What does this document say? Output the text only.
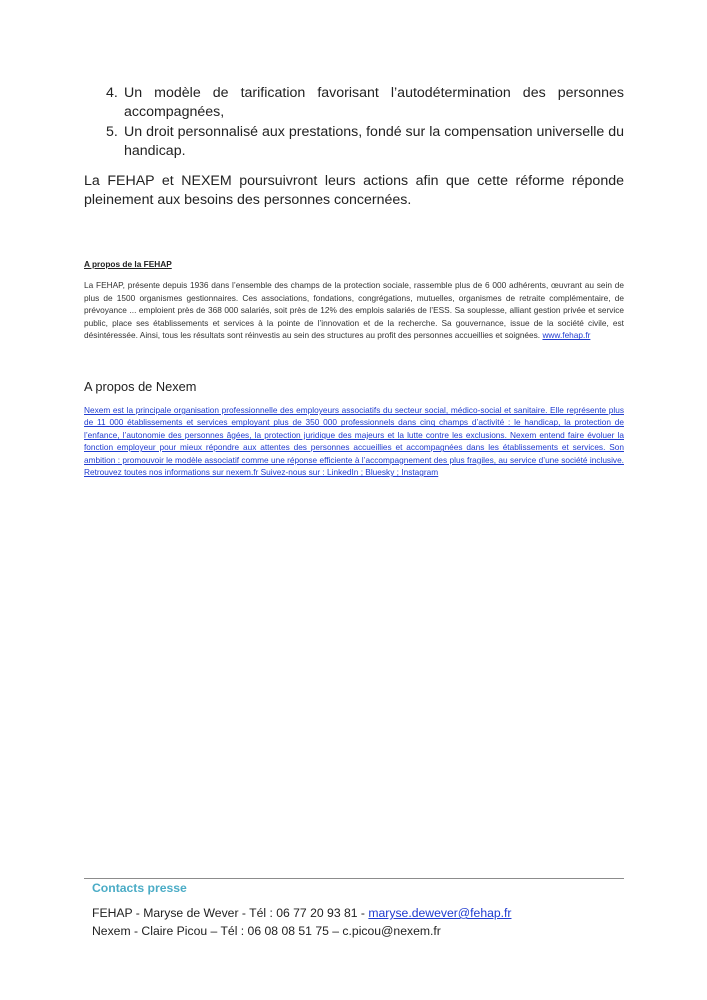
4. Un modèle de tarification favorisant l’autodétermination des personnes accompagnées,
5. Un droit personnalisé aux prestations, fondé sur la compensation universelle du handicap.
La FEHAP et NEXEM poursuivront leurs actions afin que cette réforme réponde pleinement aux besoins des personnes concernées.
A propos de la FEHAP
La FEHAP, présente depuis 1936 dans l’ensemble des champs de la protection sociale, rassemble plus de 6 000 adhérents, œuvrant au sein de plus de 1500 organismes gestionnaires. Ces associations, fondations, congrégations, mutuelles, organismes de retraite complémentaire, de prévoyance ... emploient près de 368 000 salariés, soit près de 12% des emplois salariés de l’ESS. Sa souplesse, alliant gestion privée et service public, place ses établissements et services à la pointe de l’innovation et de la recherche. Sa gouvernance, issue de la société civile, est désintéressée. Ainsi, tous les résultats sont réinvestis au sein des structures au profit des personnes accueillies et soignées. www.fehap.fr
A propos de Nexem
Nexem est la principale organisation professionnelle des employeurs associatifs du secteur social, médico-social et sanitaire. Elle représente plus de 11 000 établissements et services employant plus de 350 000 professionnels dans cinq champs d’activité : le handicap, la protection de l’enfance, l’autonomie des personnes âgées, la protection juridique des majeurs et la lutte contre les exclusions. Nexem entend faire évoluer la fonction employeur pour mieux répondre aux attentes des personnes accueillies et accompagnées dans les établissements et services. Son ambition : promouvoir le modèle associatif comme une réponse efficiente à l’accompagnement des plus fragiles, au service d’une société inclusive. Retrouvez toutes nos informations sur nexem.fr Suivez-nous sur : LinkedIn ; Bluesky ; Instagram
Contacts presse
FEHAP - Maryse de Wever - Tél : 06 77 20 93 81 - maryse.dewever@fehap.fr
Nexem - Claire Picou – Tél : 06 08 08 51 75 – c.picou@nexem.fr
